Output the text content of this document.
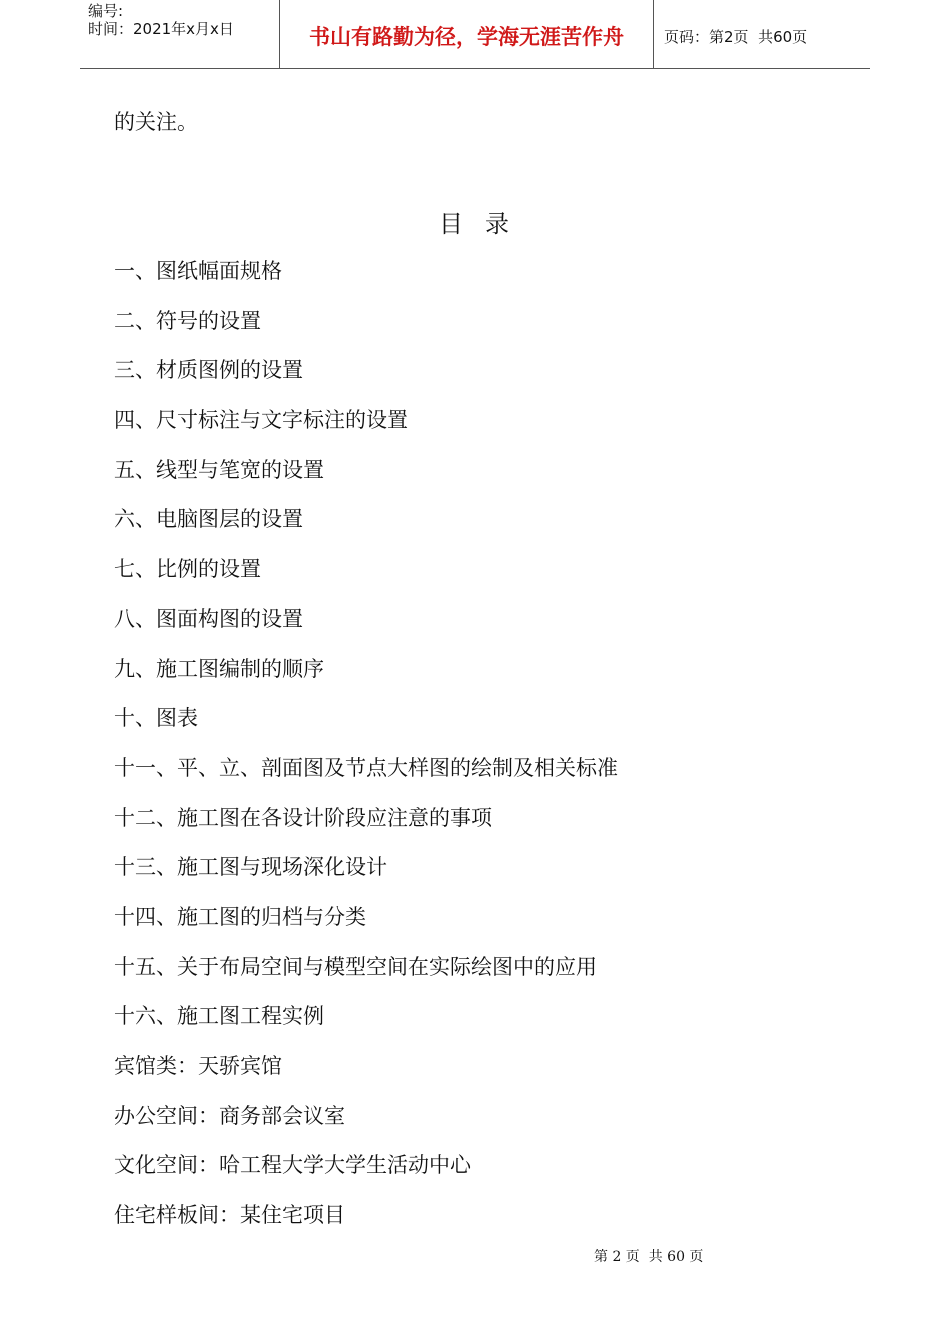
编号:
时间：2021年x月x日	书山有路勤为径，学海无涯苦作舟	页码：第2页  共60页
的关注。
目录
一、图纸幅面规格
二、符号的设置
三、材质图例的设置
四、尺寸标注与文字标注的设置
五、线型与笔宽的设置
六、电脑图层的设置
七、比例的设置
八、图面构图的设置
九、施工图编制的顺序
十、图表
十一、平、立、剖面图及节点大样图的绘制及相关标准
十二、施工图在各设计阶段应注意的事项
十三、施工图与现场深化设计
十四、施工图的归档与分类
十五、关于布局空间与模型空间在实际绘图中的应用
十六、施工图工程实例
宾馆类：天骄宾馆
办公空间：商务部会议室
文化空间：哈工程大学大学生活动中心
住宅样板间：某住宅项目
第 2 页  共 60 页
